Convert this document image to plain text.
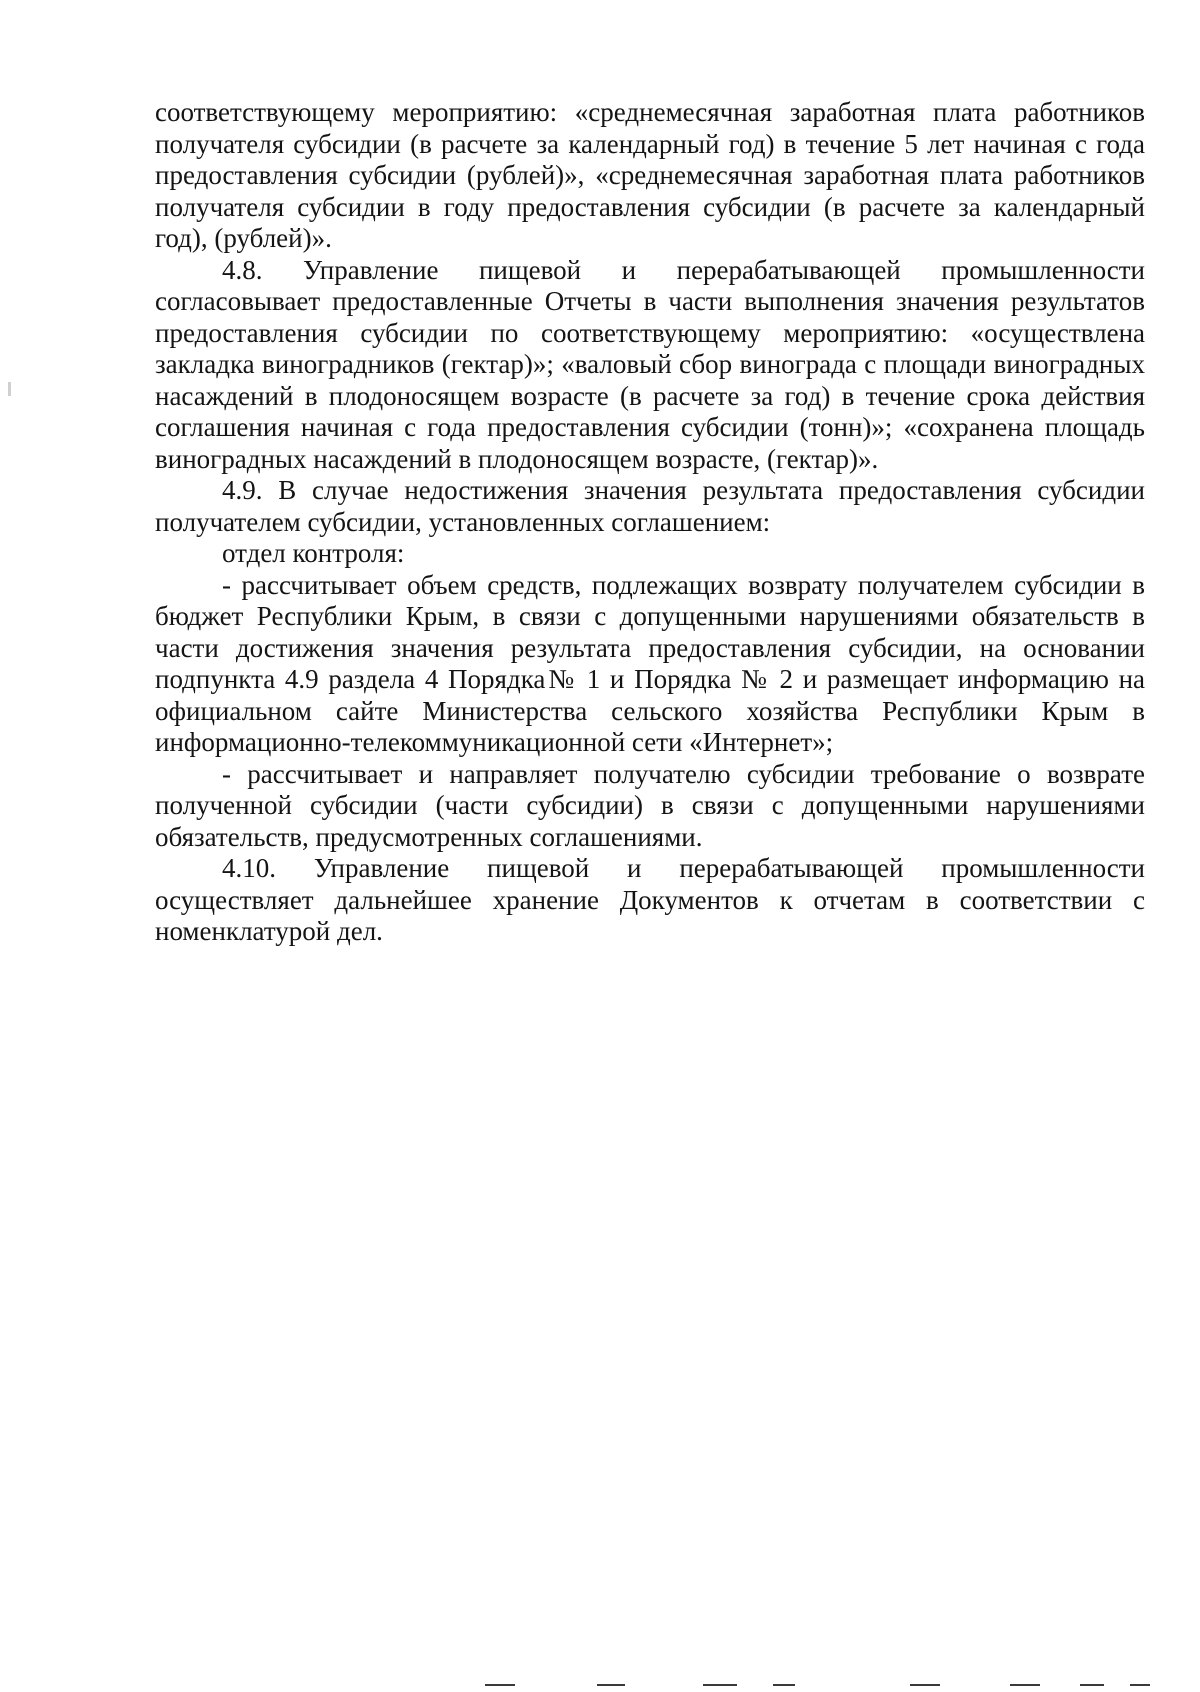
соответствующему мероприятию: «среднемесячная заработная плата работников получателя субсидии (в расчете за календарный год) в течение 5 лет начиная с года предоставления субсидии (рублей)», «среднемесячная заработная плата работников получателя субсидии в году предоставления субсидии (в расчете за календарный год), (рублей)».

4.8. Управление пищевой и перерабатывающей промышленности согласовывает предоставленные Отчеты в части выполнения значения результатов предоставления субсидии по соответствующему мероприятию: «осуществлена закладка виноградников (гектар)»; «валовый сбор винограда с площади виноградных насаждений в плодоносящем возрасте (в расчете за год) в течение срока действия соглашения начиная с года предоставления субсидии (тонн)»; «сохранена площадь виноградных насаждений в плодоносящем возрасте, (гектар)».

4.9. В случае недостижения значения результата предоставления субсидии получателем субсидии, установленных соглашением:

отдел контроля:

- рассчитывает объем средств, подлежащих возврату получателем субсидии в бюджет Республики Крым, в связи с допущенными нарушениями обязательств в части достижения значения результата предоставления субсидии, на основании подпункта 4.9 раздела 4 Порядка№ 1 и Порядка № 2 и размещает информацию на официальном сайте Министерства сельского хозяйства Республики Крым в информационно-телекоммуникационной сети «Интернет»;

- рассчитывает и направляет получателю субсидии требование о возврате полученной субсидии (части субсидии) в связи с допущенными нарушениями обязательств, предусмотренных соглашениями.

4.10. Управление пищевой и перерабатывающей промышленности осуществляет дальнейшее хранение Документов к отчетам в соответствии с номенклатурой дел.
